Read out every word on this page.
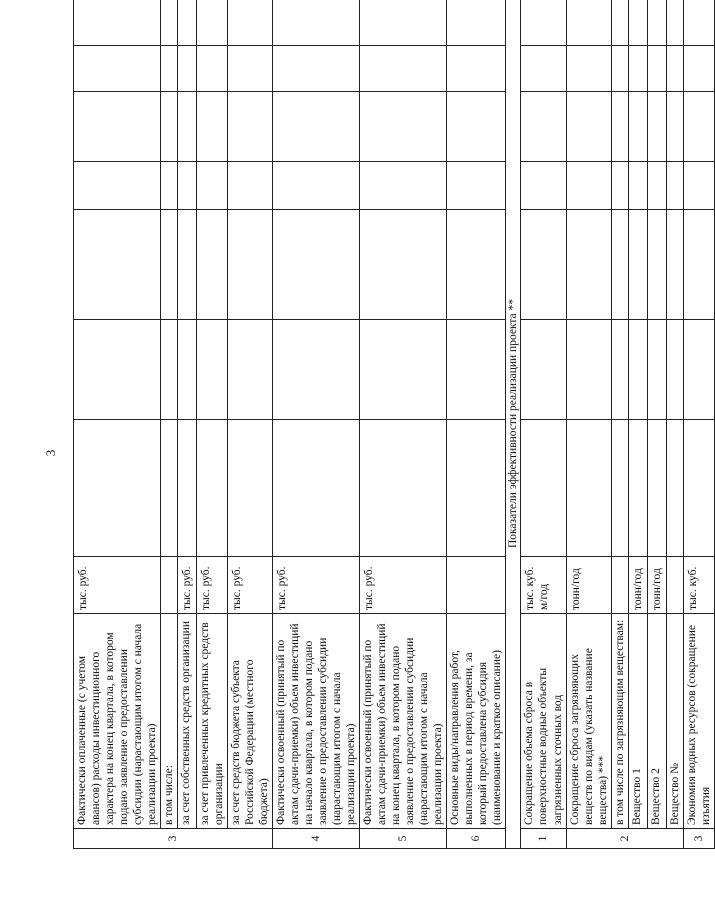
3
3	Фактически оплаченные (с учетом авансов) расходы инвестиционного характера на конец квартала, в котором подано заявление о предоставлении субсидии (нарастающим итогом с начала реализации проекта)	тыс. руб.							
	в том числе:								
	за счет собственных средств организации	тыс. руб.							
	за счет привлеченных кредитных средств организации	тыс. руб.							
	за счет средств бюджета субъекта Российской Федерации (местного бюджета)	тыс. руб.							
4	Фактически освоенный (принятый по актам сдачи-приемки) объем инвестиций на начало квартала, в котором подано заявление о предоставлении субсидии (нарастающим итогом с начала реализации проекта)	тыс. руб.							
5	Фактически освоенный (принятый по актам сдачи-приемки) объем инвестиций на конец квартала, в котором подано заявление о предоставлении субсидии (нарастающим итогом с начала реализации проекта)	тыс. руб.							
6	Основные виды/направления работ, выполненных в период времени, за который предоставлена субсидия (наименование и краткое описание)								
Показатели эффективности реализации проекта **									
1	Сокращение объема сброса в поверхностные водные объекты загрязненных сточных вод	тыс. куб. м/год							
2	Сокращение сброса загрязняющих веществ по видам (указать название вещества) ***	тонн/год							
	в том числе по загрязняющим веществам:								
	Вещество 1	тонн/год							
	Вещество 2	тонн/год							
	Вещество №								
3	Экономия водных ресурсов (сокращение изъятия	тыс. куб.							
